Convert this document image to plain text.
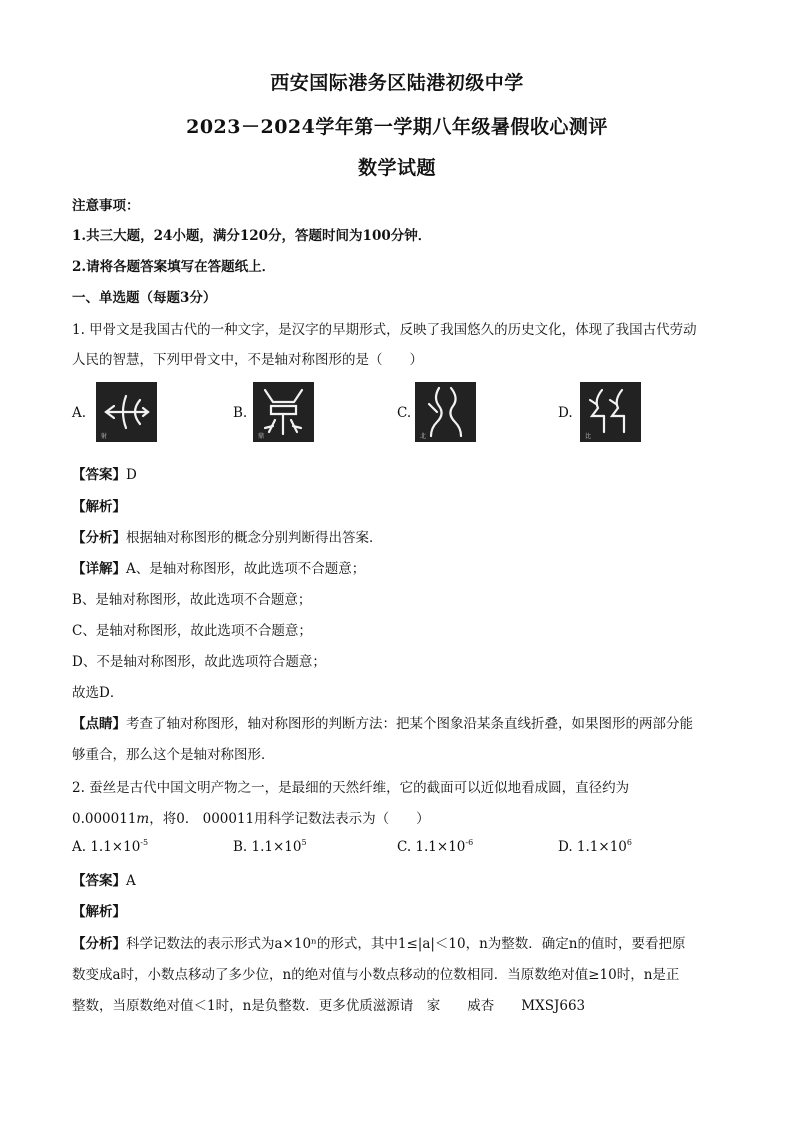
西安国际港务区陆港初级中学
2023－2024学年第一学期八年级暑假收心测评
数学试题
注意事项：
1.共三大题，24小题，满分120分，答题时间为100分钟．
2.请将各题答案填写在答题纸上．
一、单选题（每题3分）
1. 甲骨文是我国古代的一种文字，是汉字的早期形式，反映了我国悠久的历史文化，体现了我国古代劳动
人民的智慧，下列甲骨文中，不是轴对称图形的是（　　）
A.
射
B.
鼎
C.
北
D.
比
【答案】D
【解析】
【分析】根据轴对称图形的概念分别判断得出答案．
【详解】A、是轴对称图形，故此选项不合题意；
B、是轴对称图形，故此选项不合题意；
C、是轴对称图形，故此选项不合题意；
D、不是轴对称图形，故此选项符合题意；
故选D．
【点睛】考查了轴对称图形，轴对称图形的判断方法：把某个图象沿某条直线折叠，如果图形的两部分能
够重合，那么这个是轴对称图形．
2. 蚕丝是古代中国文明产物之一，是最细的天然纤维，它的截面可以近似地看成圆，直径约为
0.000011m，将0． 000011用科学记数法表示为（　　）
A. $1.1\times 10^{-5}$	B. $1.1\times 10^5$	C. $1.1\times 10^{-6}$	D. $1.1\times 10^6$
【答案】A
【解析】
【分析】科学记数法的表示形式为a×10ⁿ的形式，其中1≤|a|＜10，n为整数．确定n的值时，要看把原
数变成a时，小数点移动了多少位，n的绝对值与小数点移动的位数相同．当原数绝对值≥10时，n是正
整数，当原数绝对值＜1时，n是负整数．更多优质滋源请　家　　威杏　　MXSJ663
